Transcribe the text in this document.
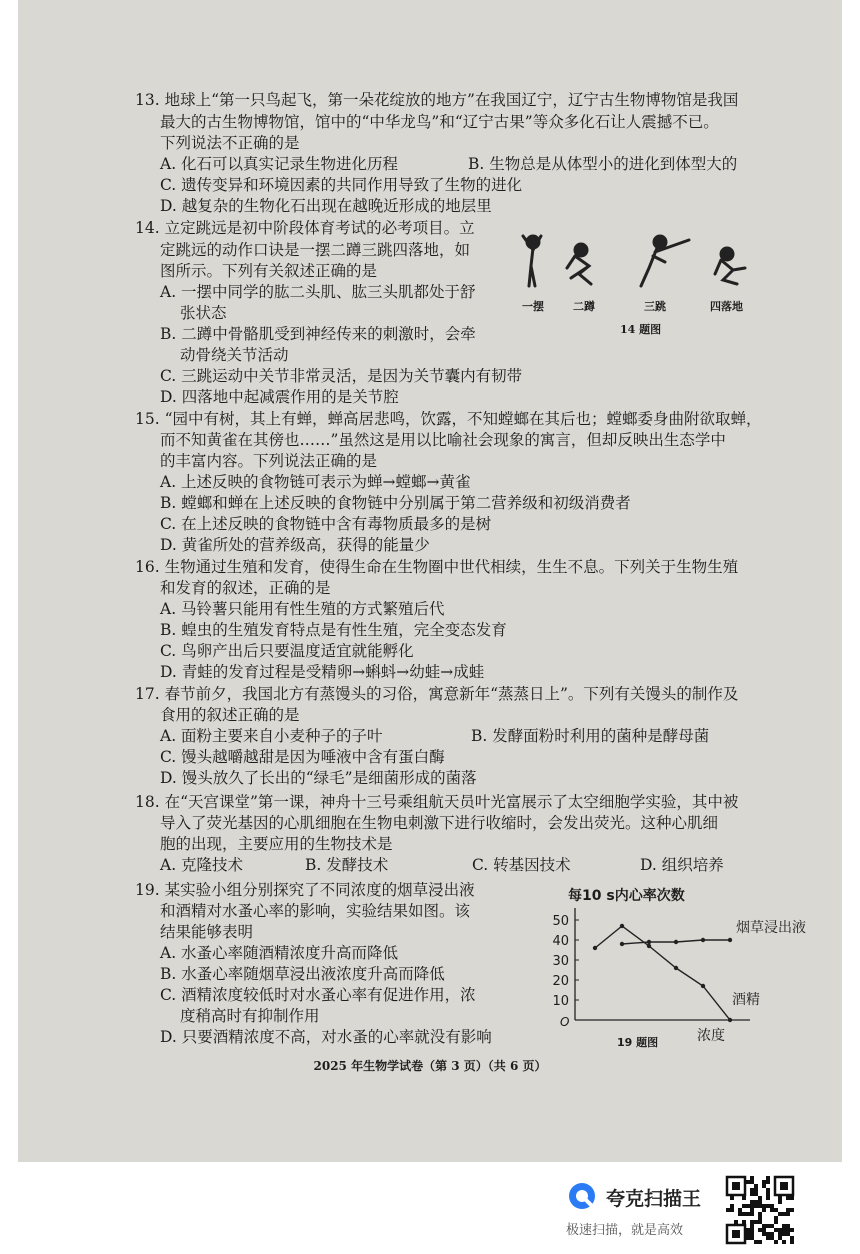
13. 地球上“第一只鸟起飞，第一朵花绽放的地方”在我国辽宁，辽宁古生物博物馆是我国
最大的古生物博物馆，馆中的“中华龙鸟”和“辽宁古果”等众多化石让人震撼不已。
下列说法不正确的是
A. 化石可以真实记录生物进化历程	B. 生物总是从体型小的进化到体型大的
C. 遗传变异和环境因素的共同作用导致了生物的进化
D. 越复杂的生物化石出现在越晚近形成的地层里
14. 立定跳远是初中阶段体育考试的必考项目。立
定跳远的动作口诀是一摆二蹲三跳四落地，如
图所示。下列有关叙述正确的是
A. 一摆中同学的肱二头肌、肱三头肌都处于舒
张状态
B. 二蹲中骨骼肌受到神经传来的刺激时，会牵
动骨绕关节活动
C. 三跳运动中关节非常灵活，是因为关节囊内有韧带
D. 四落地中起减震作用的是关节腔
一摆	二蹲	三跳	四落地
14 题图
15. “园中有树，其上有蝉，蝉高居悲鸣，饮露，不知螳螂在其后也；螳螂委身曲附欲取蝉，
而不知黄雀在其傍也……”虽然这是用以比喻社会现象的寓言，但却反映出生态学中
的丰富内容。下列说法正确的是
A. 上述反映的食物链可表示为蝉→螳螂→黄雀
B. 螳螂和蝉在上述反映的食物链中分别属于第二营养级和初级消费者
C. 在上述反映的食物链中含有毒物质最多的是树
D. 黄雀所处的营养级高，获得的能量少
16. 生物通过生殖和发育，使得生命在生物圈中世代相续，生生不息。下列关于生物生殖
和发育的叙述，正确的是
A. 马铃薯只能用有性生殖的方式繁殖后代
B. 蝗虫的生殖发育特点是有性生殖，完全变态发育
C. 鸟卵产出后只要温度适宜就能孵化
D. 青蛙的发育过程是受精卵→蝌蚪→幼蛙→成蛙
17. 春节前夕，我国北方有蒸馒头的习俗，寓意新年“蒸蒸日上”。下列有关馒头的制作及
食用的叙述正确的是
A. 面粉主要来自小麦种子的子叶	B. 发酵面粉时利用的菌种是酵母菌
C. 馒头越嚼越甜是因为唾液中含有蛋白酶
D. 馒头放久了长出的“绿毛”是细菌形成的菌落
18. 在“天宫课堂”第一课，神舟十三号乘组航天员叶光富展示了太空细胞学实验，其中被
导入了荧光基因的心肌细胞在生物电刺激下进行收缩时，会发出荧光。这种心肌细
胞的出现，主要应用的生物技术是
A. 克隆技术	B. 发酵技术	C. 转基因技术	D. 组织培养
19. 某实验小组分别探究了不同浓度的烟草浸出液
和酒精对水蚤心率的影响，实验结果如图。该
结果能够表明
A. 水蚤心率随酒精浓度升高而降低
B. 水蚤心率随烟草浸出液浓度升高而降低
C. 酒精浓度较低时对水蚤心率有促进作用，浓
度稍高时有抑制作用
D. 只要酒精浓度不高，对水蚤的心率就没有影响
每10 s内心率次数
O
19 题图
10
20
30
40
50	烟草浸出液
酒精
浓度
2025 年生物学试卷（第 3 页）（共 6 页）
夸克扫描王
极速扫描，就是高效
